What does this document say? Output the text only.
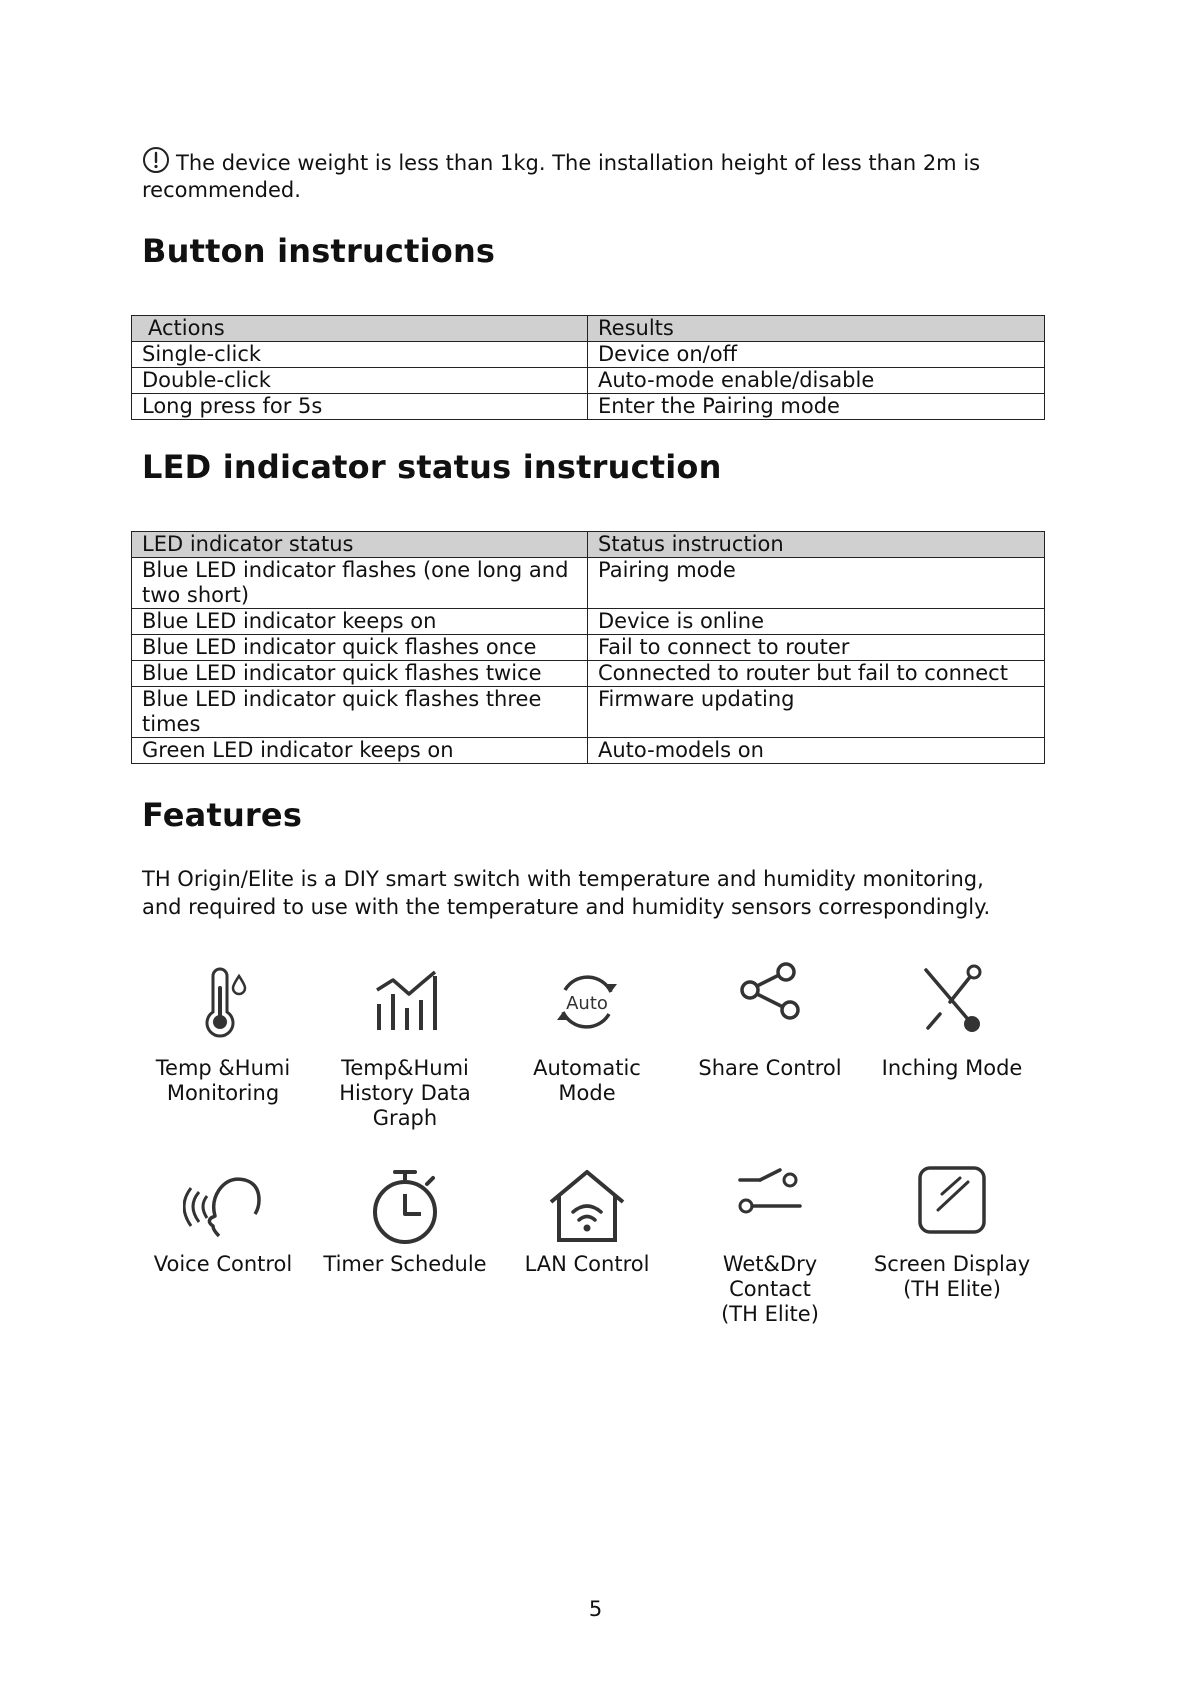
The device weight is less than 1kg. The installation height of less than 2m is recommended.
Button instructions
Actions	Results
Single-click	Device on/off
Double-click	Auto-mode enable/disable
Long press for 5s	Enter the Pairing mode
LED indicator status instruction
LED indicator status	Status instruction
Blue LED indicator flashes (one long and two short)	Pairing mode
Blue LED indicator keeps on	Device is online
Blue LED indicator quick flashes once	Fail to connect to router
Blue LED indicator quick flashes twice	Connected to router but fail to connect
Blue LED indicator quick flashes three times	Firmware updating
Green LED indicator keeps on	Auto-models on
Features
TH Origin/Elite is a DIY smart switch with temperature and humidity monitoring, and required to use with the temperature and humidity sensors correspondingly.
Temp &Humi
Monitoring
Temp&Humi
History Data
Graph
Auto
Automatic
Mode
Share Control	Inching Mode
Voice Control	Timer Schedule	LAN Control	Wet&Dry
Contact
(TH Elite)
Screen Display
(TH Elite)
5
